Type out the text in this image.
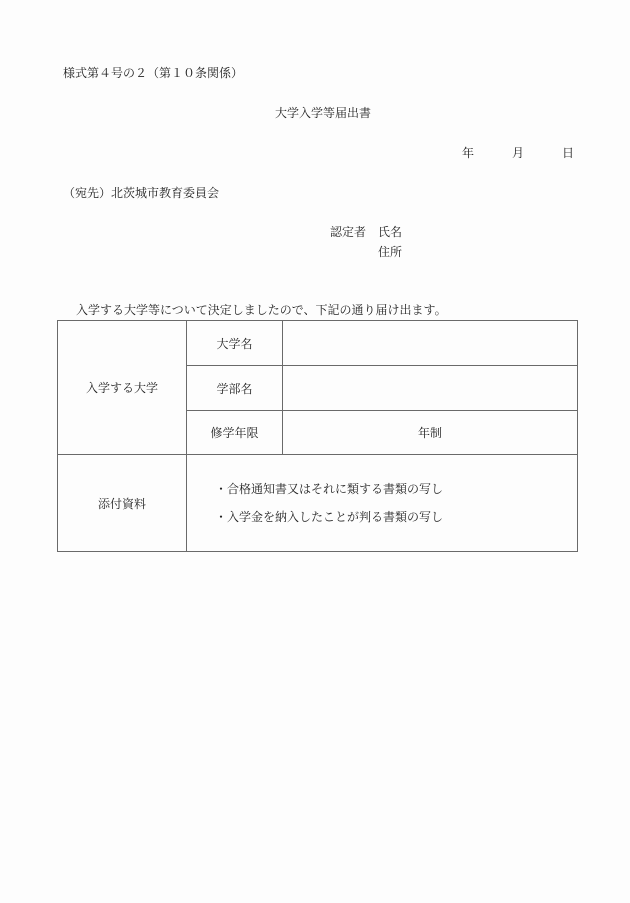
様式第４号の２（第１０条関係）
大学入学等届出書
年	月	日
（宛先）北茨城市教育委員会
認定者 氏名
住所
入学する大学等について決定しましたので、下記の通り届け出ます。
入学する大学	大学名	

	学部名	

	修学年限	年制
添付資料	・合格通知書又はそれに類する書類の写し
・入学金を納入したことが判る書類の写し	
